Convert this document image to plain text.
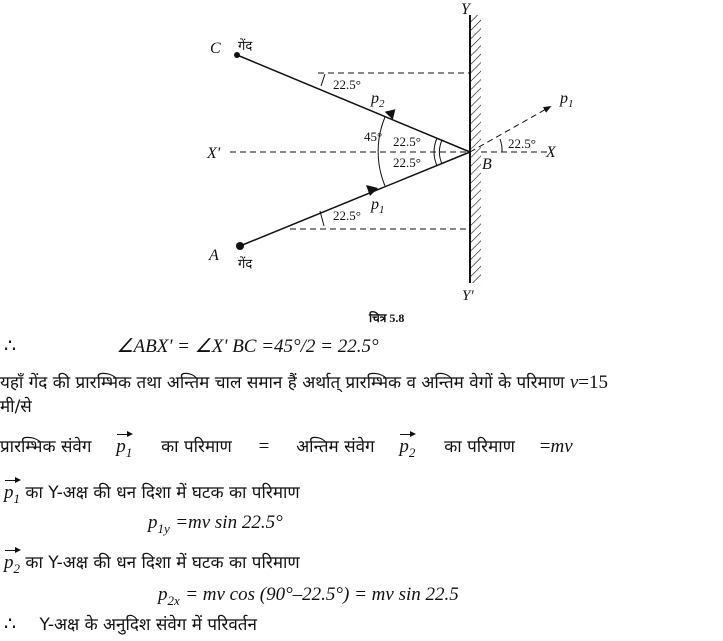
Y
Y'
X'	X
B
C
A
गेंद
गेंद
$p_2$
$p_1$
$p_1$
22.5°
45° 22.5°
22.5°
22.5°
22.5°
चित्र 5.8
∴	∠ABX' = ∠X' BC =45°/2 = 22.5°
यहाँ गेंद की प्रारम्भिक तथा अन्तिम चाल समान हैं अर्थात् प्रारम्भिक व अन्तिम वेगों के परिमाण v=15
मी/से
प्रारम्भिक संवेग $p_1$ का परिमाण = अन्तिम संवेग $p_2$ का परिमाण =mv
$p_1$ का Y-अक्ष की धन दिशा में घटक का परिमाण
$p_{1y} =mv$ sin 22.5°
$p_2$ का Y-अक्ष की धन दिशा में घटक का परिमाण
$p_{2x}$ = mv cos (90°–22.5°) = mv sin 22.5
∴ Y-अक्ष के अनुदिश संवेग में परिवर्तन
